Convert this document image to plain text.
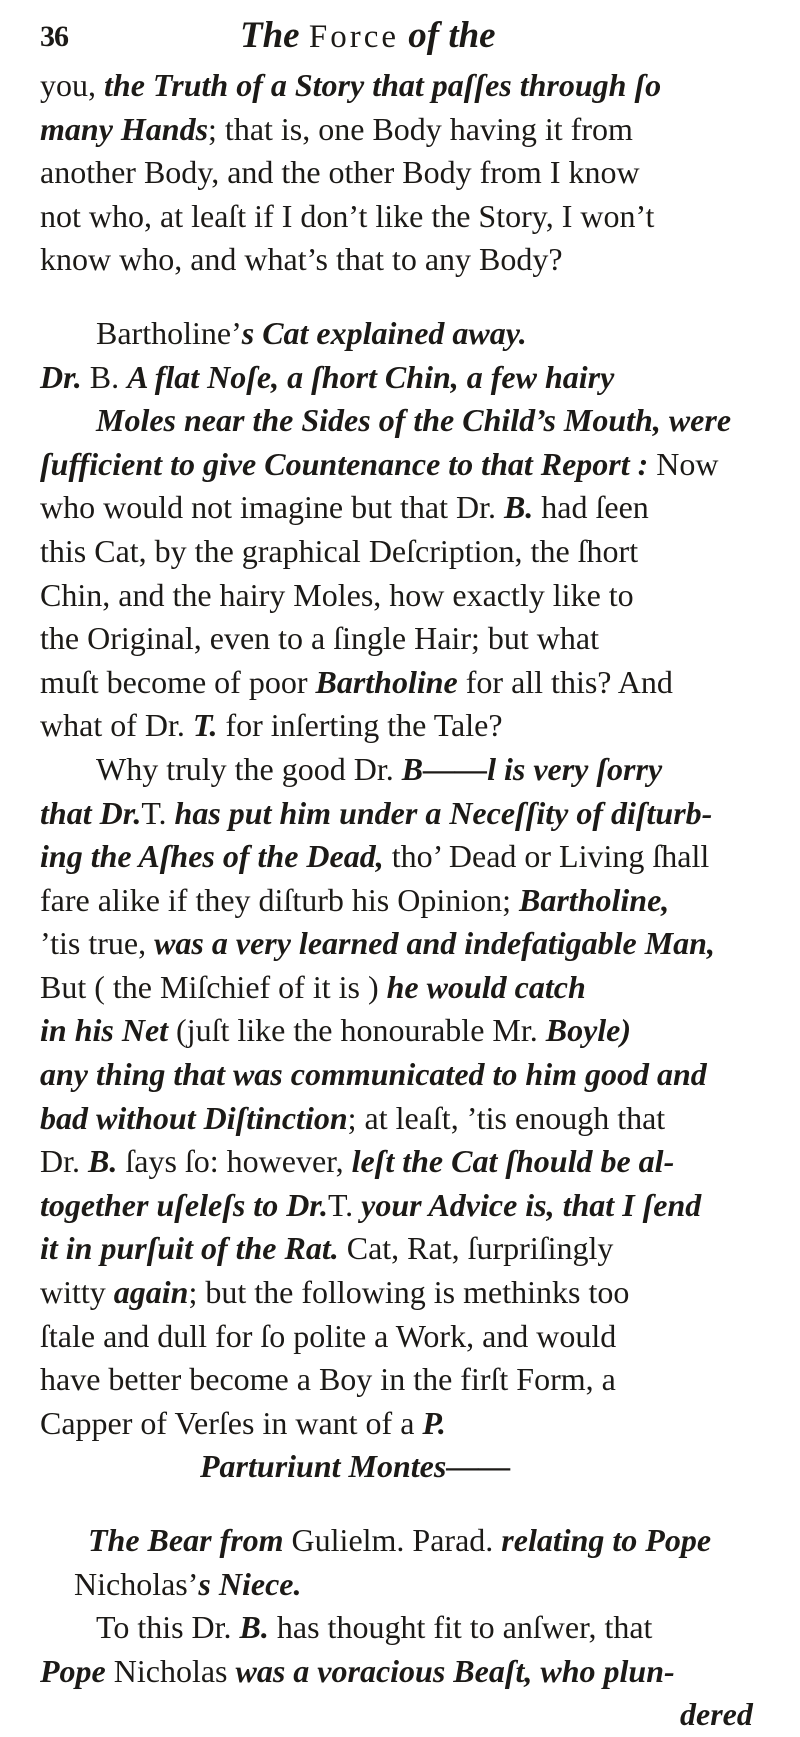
36	The Force of the
you, the Truth of a Story that paſſes through ſo
many Hands; that is, one Body having it from
another Body, and the other Body from I know
not who, at leaſt if I don’t like the Story, I won’t
know who, and what’s that to any Body?
Bartholine’s Cat explained away.
Dr. B. A flat Noſe, a ſhort Chin, a few hairy
Moles near the Sides of the Child’s Mouth, were
ſufficient to give Countenance to that Report : Now
who would not imagine but that Dr. B. had ſeen
this Cat, by the graphical Deſcription, the ſhort
Chin, and the hairy Moles, how exactly like to
the Original, even to a ſingle Hair; but what
muſt become of poor Bartholine for all this? And
what of Dr. T. for inſerting the Tale?
Why truly the good Dr. B——l is very ſorry
that Dr.T. has put him under a Neceſſity of diſturb-
ing the Aſhes of the Dead, tho’ Dead or Living ſhall
fare alike if they diſturb his Opinion; Bartholine,
’tis true, was a very learned and indefatigable Man,
But ( the Miſchief of it is ) he would catch
in his Net (juſt like the honourable Mr. Boyle)
any thing that was communicated to him good and
bad without Diſtinction; at leaſt, ’tis enough that
Dr. B. ſays ſo: however, leſt the Cat ſhould be al-
together uſeleſs to Dr.T. your Advice is, that I ſend
it in purſuit of the Rat. Cat, Rat, ſurpriſingly
witty again; but the following is methinks too
ſtale and dull for ſo polite a Work, and would
have better become a Boy in the firſt Form, a
Capper of Verſes in want of a P.
Parturiunt Montes——
The Bear from Gulielm. Parad. relating to Pope
Nicholas’s Niece.
To this Dr. B. has thought fit to anſwer, that
Pope Nicholas was a voracious Beaſt, who plun-
dered
